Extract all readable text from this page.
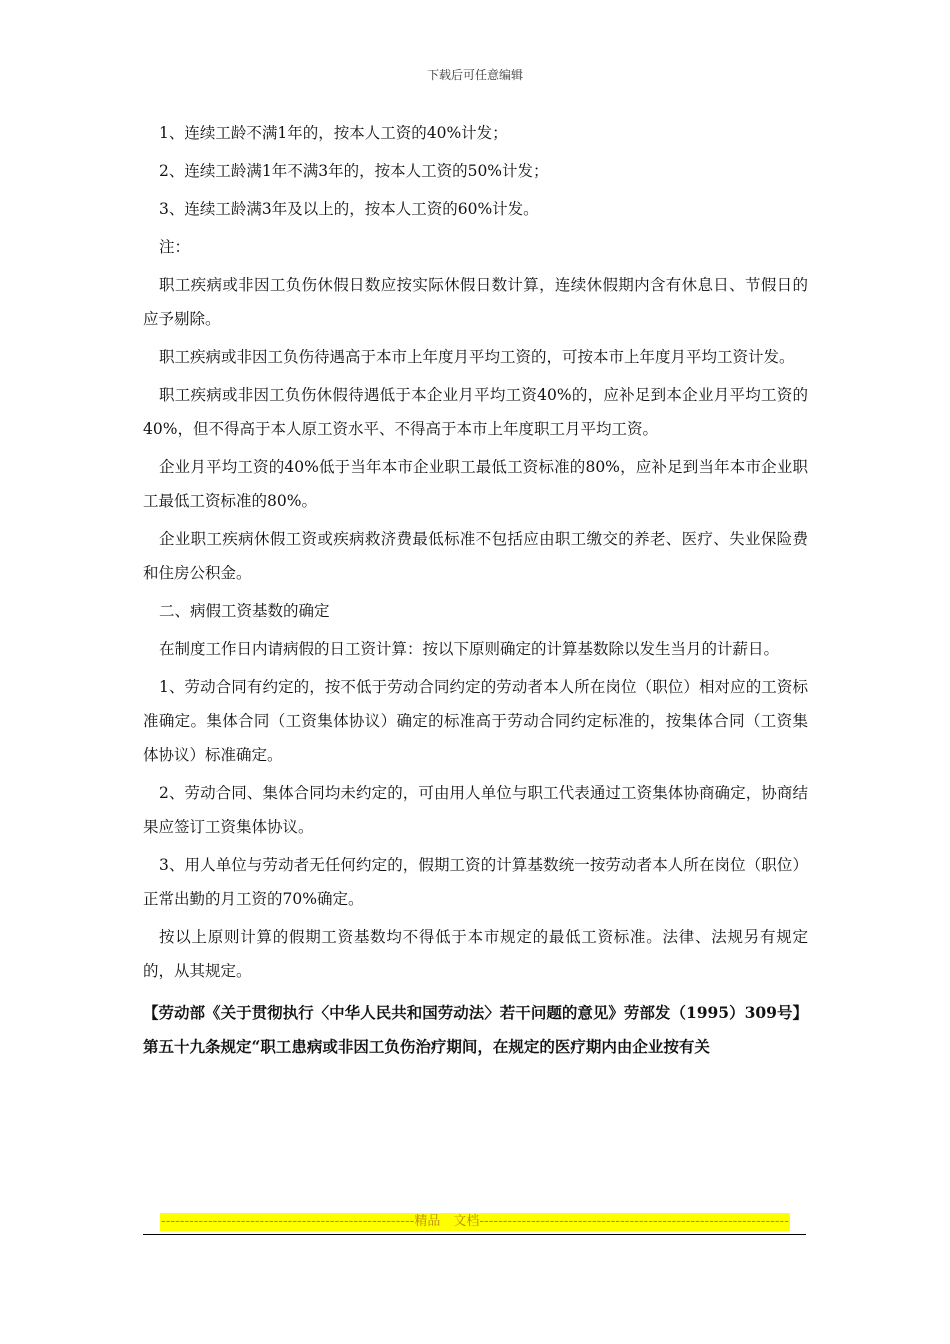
下载后可任意编辑

1、连续工龄不满1年的，按本人工资的40%计发；

2、连续工龄满1年不满3年的，按本人工资的50%计发；

3、连续工龄满3年及以上的，按本人工资的60%计发。

注：

职工疾病或非因工负伤休假日数应按实际休假日数计算，连续休假期内含有休息日、节假日的应予剔除。

职工疾病或非因工负伤待遇高于本市上年度月平均工资的，可按本市上年度月平均工资计发。

职工疾病或非因工负伤休假待遇低于本企业月平均工资40%的，应补足到本企业月平均工资的40%，但不得高于本人原工资水平、不得高于本市上年度职工月平均工资。

企业月平均工资的40%低于当年本市企业职工最低工资标准的80%，应补足到当年本市企业职工最低工资标准的80%。

企业职工疾病休假工资或疾病救济费最低标准不包括应由职工缴交的养老、医疗、失业保险费和住房公积金。

二、病假工资基数的确定

在制度工作日内请病假的日工资计算：按以下原则确定的计算基数除以发生当月的计薪日。

1、劳动合同有约定的，按不低于劳动合同约定的劳动者本人所在岗位（职位）相对应的工资标准确定。集体合同（工资集体协议）确定的标准高于劳动合同约定标准的，按集体合同（工资集体协议）标准确定。

2、劳动合同、集体合同均未约定的，可由用人单位与职工代表通过工资集体协商确定，协商结果应签订工资集体协议。

3、用人单位与劳动者无任何约定的，假期工资的计算基数统一按劳动者本人所在岗位（职位）正常出勤的月工资的70%确定。

按以上原则计算的假期工资基数均不得低于本市规定的最低工资标准。法律、法规另有规定的，从其规定。

【劳动部《关于贯彻执行〈中华人民共和国劳动法〉若干问题的意见》劳部发（1995）309号】第五十九条规定“职工患病或非因工负伤治疗期间，在规定的医疗期内由企业按有关

------------------------------------------------------精品　文档------------------------------------------------------------------
